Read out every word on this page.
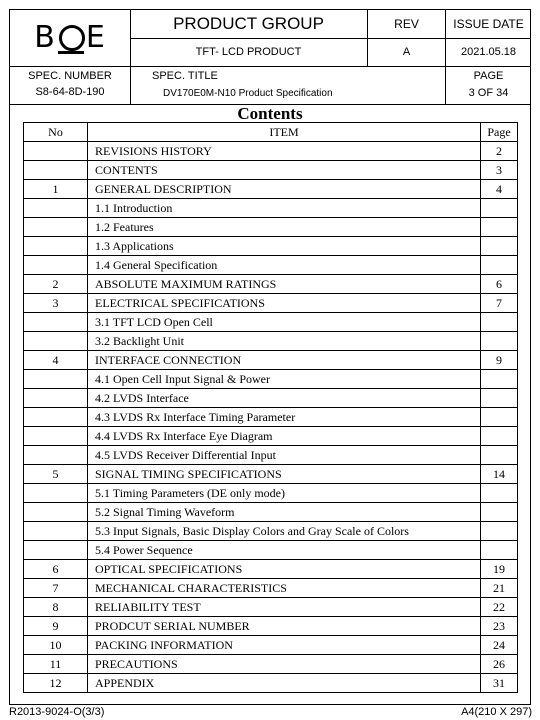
B E	PRODUCT GROUP	REV	ISSUE DATE
TFT- LCD PRODUCT	A	2021.05.18
SPEC. NUMBER
S8-64-8D-190
SPEC. TITLE
DV170E0M-N10 Product Specification
PAGE
3 OF 34
Contents
No	ITEM	Page
	REVISIONS HISTORY	2
	CONTENTS	3
1	GENERAL DESCRIPTION	4
	1.1 Introduction	
	1.2 Features	
	1.3 Applications	
	1.4 General Specification	
2	ABSOLUTE MAXIMUM RATINGS	6
3	ELECTRICAL SPECIFICATIONS	7
	3.1 TFT LCD Open Cell	
	3.2 Backlight Unit	
4	INTERFACE CONNECTION	9
	4.1 Open Cell Input Signal & Power	
	4.2 LVDS Interface	
	4.3 LVDS Rx Interface Timing Parameter	
	4.4 LVDS Rx Interface Eye Diagram	
	4.5 LVDS Receiver Differential Input	
5	SIGNAL TIMING SPECIFICATIONS	14
	5.1 Timing Parameters (DE only mode)	
	5.2 Signal Timing Waveform	
	5.3 Input Signals, Basic Display Colors and Gray Scale of Colors	
	5.4 Power Sequence	
6	OPTICAL SPECIFICATIONS	19
7	MECHANICAL CHARACTERISTICS	21
8	RELIABILITY TEST	22
9	PRODCUT SERIAL NUMBER	23
10	PACKING INFORMATION	24
11	PRECAUTIONS	26
12	APPENDIX	31
R2013-9024-O(3/3)	A4(210 X 297)
